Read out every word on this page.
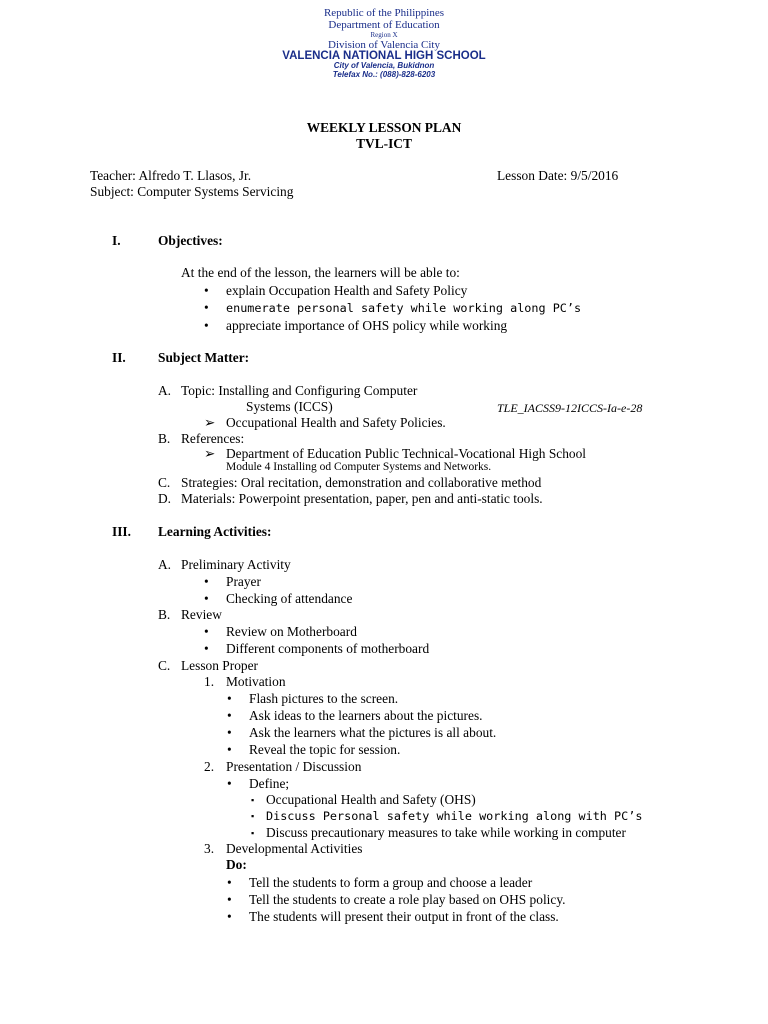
Republic of the Philippines
Department of Education
Region X
Division of Valencia City
VALENCIA NATIONAL HIGH SCHOOL
City of Valencia, Bukidnon
Telefax No.: (088)-828-6203
WEEKLY LESSON PLAN
TVL-ICT
Teacher: Alfredo T. Llasos, Jr.	Lesson Date: 9/5/2016
Subject: Computer Systems Servicing
I.	Objectives:
At the end of the lesson, the learners will be able to:
• explain Occupation Health and Safety Policy
• enumerate personal safety while working along PC’s
• appreciate importance of OHS policy while working
II. Subject Matter:
A. Topic: Installing and Configuring Computer
Systems (ICCS)	TLE_IACSS9-12ICCS-Ia-e-28
➢ Occupational Health and Safety Policies.
B. References:
➢ Department of Education Public Technical-Vocational High School
Module 4 Installing od Computer Systems and Networks.
C. Strategies: Oral recitation, demonstration and collaborative method
D. Materials: Powerpoint presentation, paper, pen and anti-static tools.
III. Learning Activities:
A. Preliminary Activity
• Prayer
• Checking of attendance
B. Review
• Review on Motherboard
• Different components of motherboard
C. Lesson Proper
1. Motivation
• Flash pictures to the screen.
• Ask ideas to the learners about the pictures.
• Ask the learners what the pictures is all about.
• Reveal the topic for session.
2. Presentation / Discussion
• Define;
▪ Occupational Health and Safety (OHS)
▪ Discuss Personal safety while working along with PC’s
▪ Discuss precautionary measures to take while working in computer
3. Developmental Activities
Do:
• Tell the students to form a group and choose a leader
• Tell the students to create a role play based on OHS policy.
• The students will present their output in front of the class.
